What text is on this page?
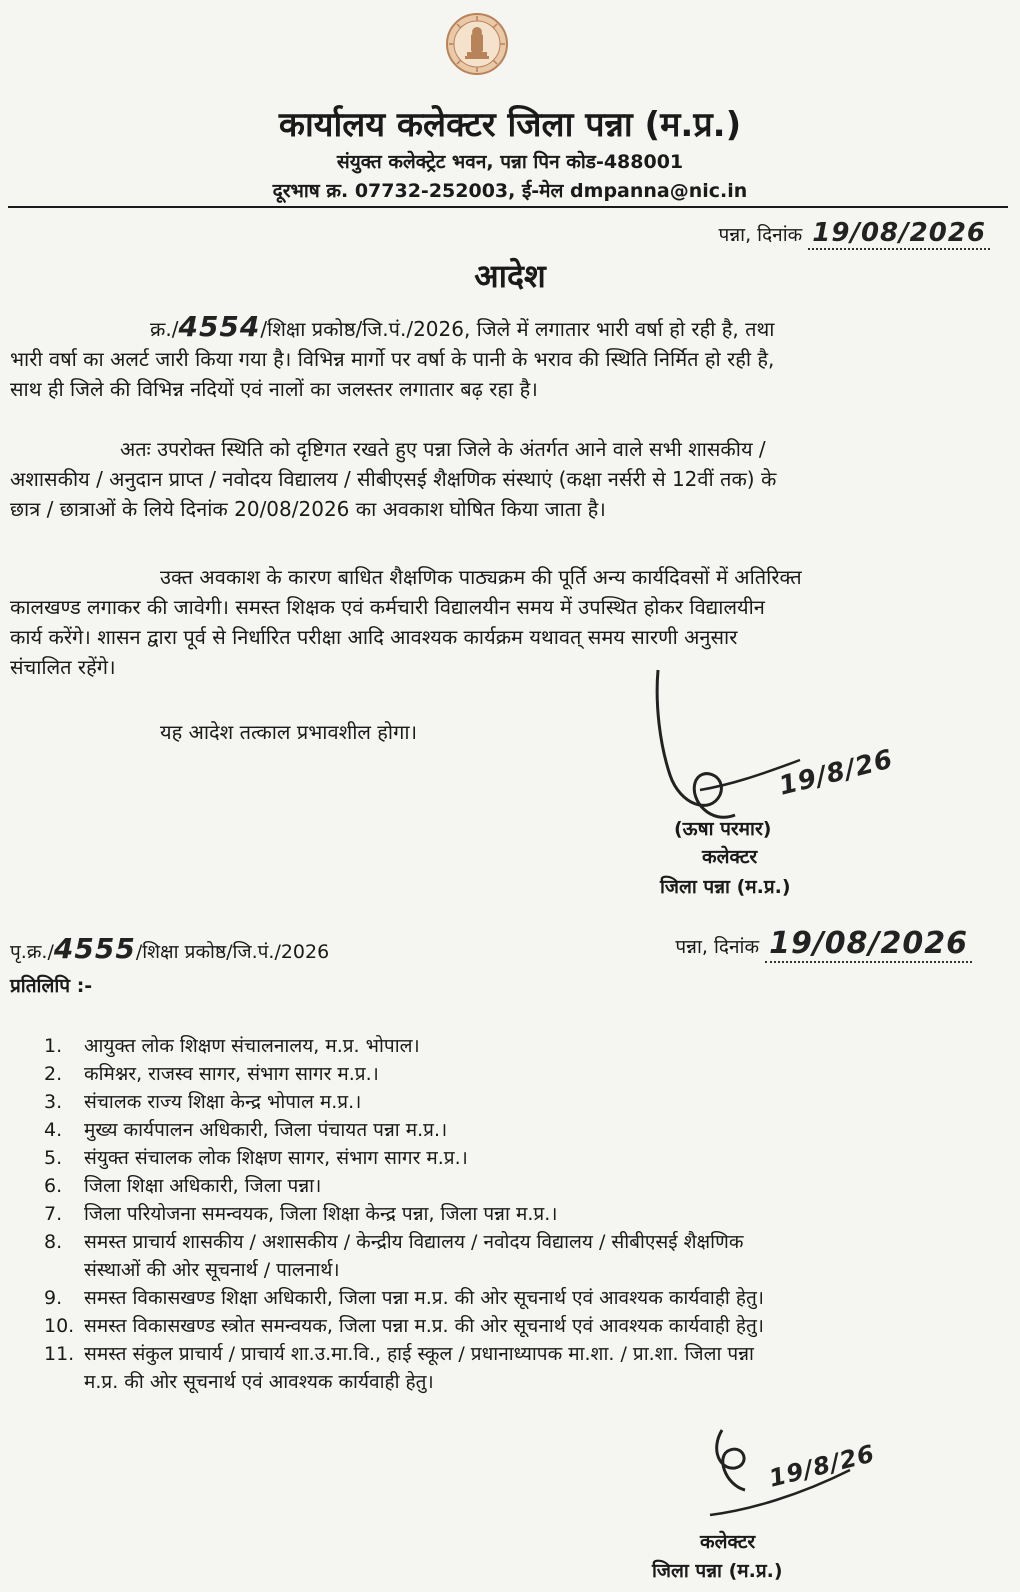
कार्यालय कलेक्टर जिला पन्ना (म.प्र.)
संयुक्त कलेक्ट्रेट भवन, पन्ना पिन कोड-488001
दूरभाष क्र. 07732-252003, ई-मेल dmpanna@nic.in
पन्ना, दिनांक 19/08/2026
आदेश
क्र./4554/शिक्षा प्रकोष्ठ/जि.पं./2026, जिले में लगातार भारी वर्षा हो रही है, तथा
भारी वर्षा का अलर्ट जारी किया गया है। विभिन्न मार्गो पर वर्षा के पानी के भराव की स्थिति निर्मित हो रही है,
साथ ही जिले की विभिन्न नदियों एवं नालों का जलस्तर लगातार बढ़ रहा है।
अतः उपरोक्त स्थिति को दृष्टिगत रखते हुए पन्ना जिले के अंतर्गत आने वाले सभी शासकीय /
अशासकीय / अनुदान प्राप्त / नवोदय विद्यालय / सीबीएसई शैक्षणिक संस्थाएं (कक्षा नर्सरी से 12वीं तक) के
छात्र / छात्राओं के लिये दिनांक 20/08/2026 का अवकाश घोषित किया जाता है।
उक्त अवकाश के कारण बाधित शैक्षणिक पाठ्यक्रम की पूर्ति अन्य कार्यदिवसों में अतिरिक्त
कालखण्ड लगाकर की जावेगी। समस्त शिक्षक एवं कर्मचारी विद्यालयीन समय में उपस्थित होकर विद्यालयीन
कार्य करेंगे। शासन द्वारा पूर्व से निर्धारित परीक्षा आदि आवश्यक कार्यक्रम यथावत् समय सारणी अनुसार
संचालित रहेंगे।
यह आदेश तत्काल प्रभावशील होगा।
19/8/26
(ऊषा परमार)
कलेक्टर
जिला पन्ना (म.प्र.)
पृ.क्र./4555/शिक्षा प्रकोष्ठ/जि.पं./2026	पन्ना, दिनांक 19/08/2026
प्रतिलिपि :-
1.	आयुक्त लोक शिक्षण संचालनालय, म.प्र. भोपाल।
2.	कमिश्नर, राजस्व सागर, संभाग सागर म.प्र.।
3.	संचालक राज्य शिक्षा केन्द्र भोपाल म.प्र.।
4.	मुख्य कार्यपालन अधिकारी, जिला पंचायत पन्ना म.प्र.।
5.	संयुक्त संचालक लोक शिक्षण सागर, संभाग सागर म.प्र.।
6.	जिला शिक्षा अधिकारी, जिला पन्ना।
7.	जिला परियोजना समन्वयक, जिला शिक्षा केन्द्र पन्ना, जिला पन्ना म.प्र.।
8.	समस्त प्राचार्य शासकीय / अशासकीय / केन्द्रीय विद्यालय / नवोदय विद्यालय / सीबीएसई शैक्षणिक
संस्थाओं की ओर सूचनार्थ / पालनार्थ।
9.	समस्त विकासखण्ड शिक्षा अधिकारी, जिला पन्ना म.प्र. की ओर सूचनार्थ एवं आवश्यक कार्यवाही हेतु।
10. समस्त विकासखण्ड स्त्रोत समन्वयक, जिला पन्ना म.प्र. की ओर सूचनार्थ एवं आवश्यक कार्यवाही हेतु।
11. समस्त संकुल प्राचार्य / प्राचार्य शा.उ.मा.वि., हाई स्कूल / प्रधानाध्यापक मा.शा. / प्रा.शा. जिला पन्ना
म.प्र. की ओर सूचनार्थ एवं आवश्यक कार्यवाही हेतु।
19/8/26
कलेक्टर
जिला पन्ना (म.प्र.)
